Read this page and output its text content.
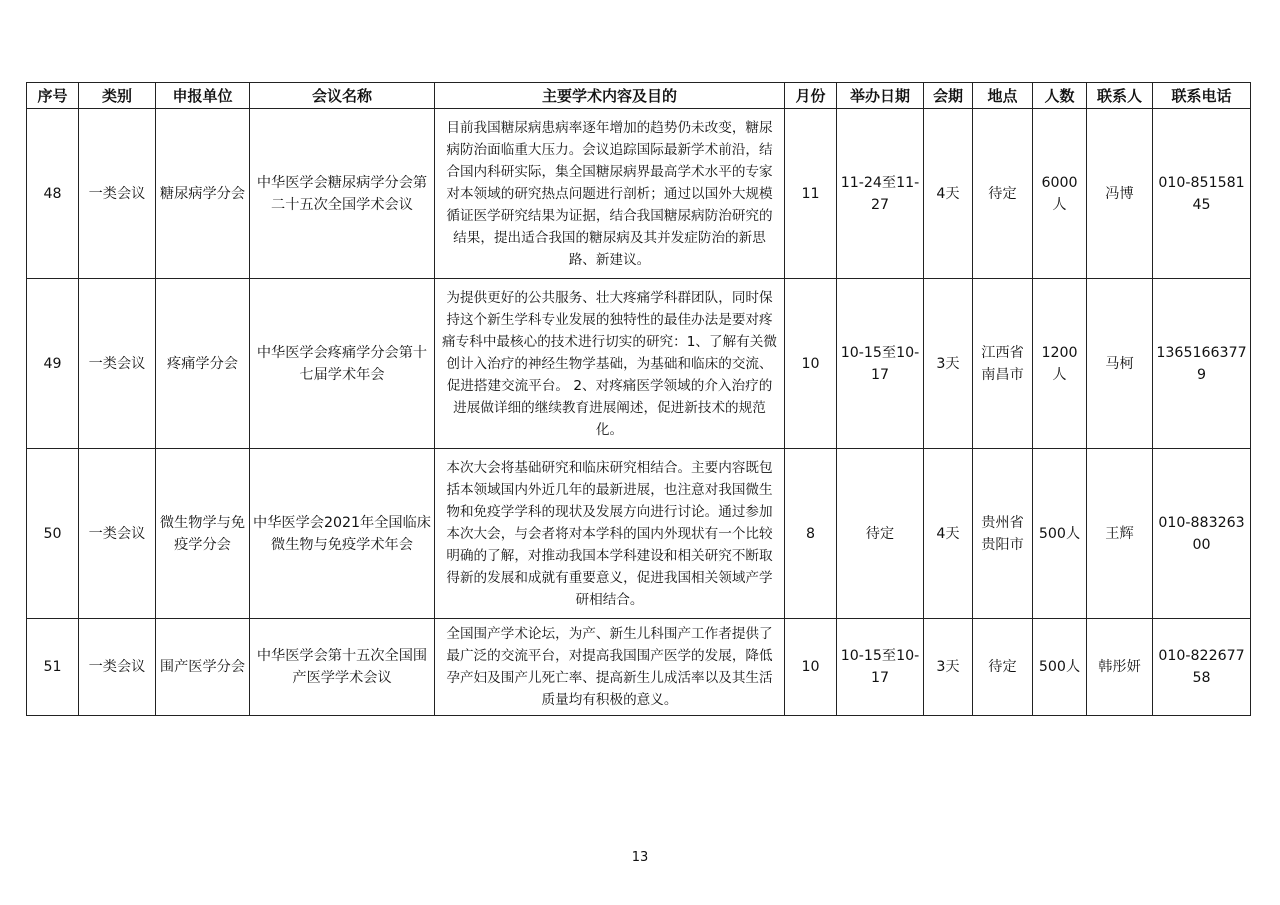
序号	类别	申报单位	会议名称	主要学术内容及目的	月份	举办日期	会期	地点	人数	联系人	联系电话
48	一类会议	糖尿病学分会	中华医学会糖尿病学分会第二十五次全国学术会议	目前我国糖尿病患病率逐年增加的趋势仍未改变，糖尿病防治面临重大压力。会议追踪国际最新学术前沿，结合国内科研实际，集全国糖尿病界最高学术水平的专家对本领域的研究热点问题进行剖析；通过以国外大规模循证医学研究结果为证据，结合我国糖尿病防治研究的结果，提出适合我国的糖尿病及其并发症防治的新思路、新建议。	11	11-24至11-27	4天	待定	6000人	冯博	010-85158145
49	一类会议	疼痛学分会	中华医学会疼痛学分会第十七届学术年会	为提供更好的公共服务、壮大疼痛学科群团队，同时保持这个新生学科专业发展的独特性的最佳办法是要对疼痛专科中最核心的技术进行切实的研究：1、了解有关微创计入治疗的神经生物学基础，为基础和临床的交流、促进搭建交流平台。 2、对疼痛医学领域的介入治疗的进展做详细的继续教育进展阐述，促进新技术的规范化。	10	10-15至10-17	3天	江西省南昌市	1200人	马柯	13651663779
50	一类会议	微生物学与免疫学分会	中华医学会2021年全国临床微生物与免疫学术年会	本次大会将基础研究和临床研究相结合。主要内容既包括本领域国内外近几年的最新进展，也注意对我国微生物和免疫学学科的现状及发展方向进行讨论。通过参加本次大会，与会者将对本学科的国内外现状有一个比较明确的了解，对推动我国本学科建设和相关研究不断取得新的发展和成就有重要意义，促进我国相关领域产学研相结合。	8	待定	4天	贵州省贵阳市	500人	王辉	010-88326300
51	一类会议	围产医学分会	中华医学会第十五次全国围产医学学术会议	全国围产学术论坛，为产、新生儿科围产工作者提供了最广泛的交流平台，对提高我国围产医学的发展，降低孕产妇及围产儿死亡率、提高新生儿成活率以及其生活质量均有积极的意义。	10	10-15至10-17	3天	待定	500人	韩彤妍	010-82267758
13
